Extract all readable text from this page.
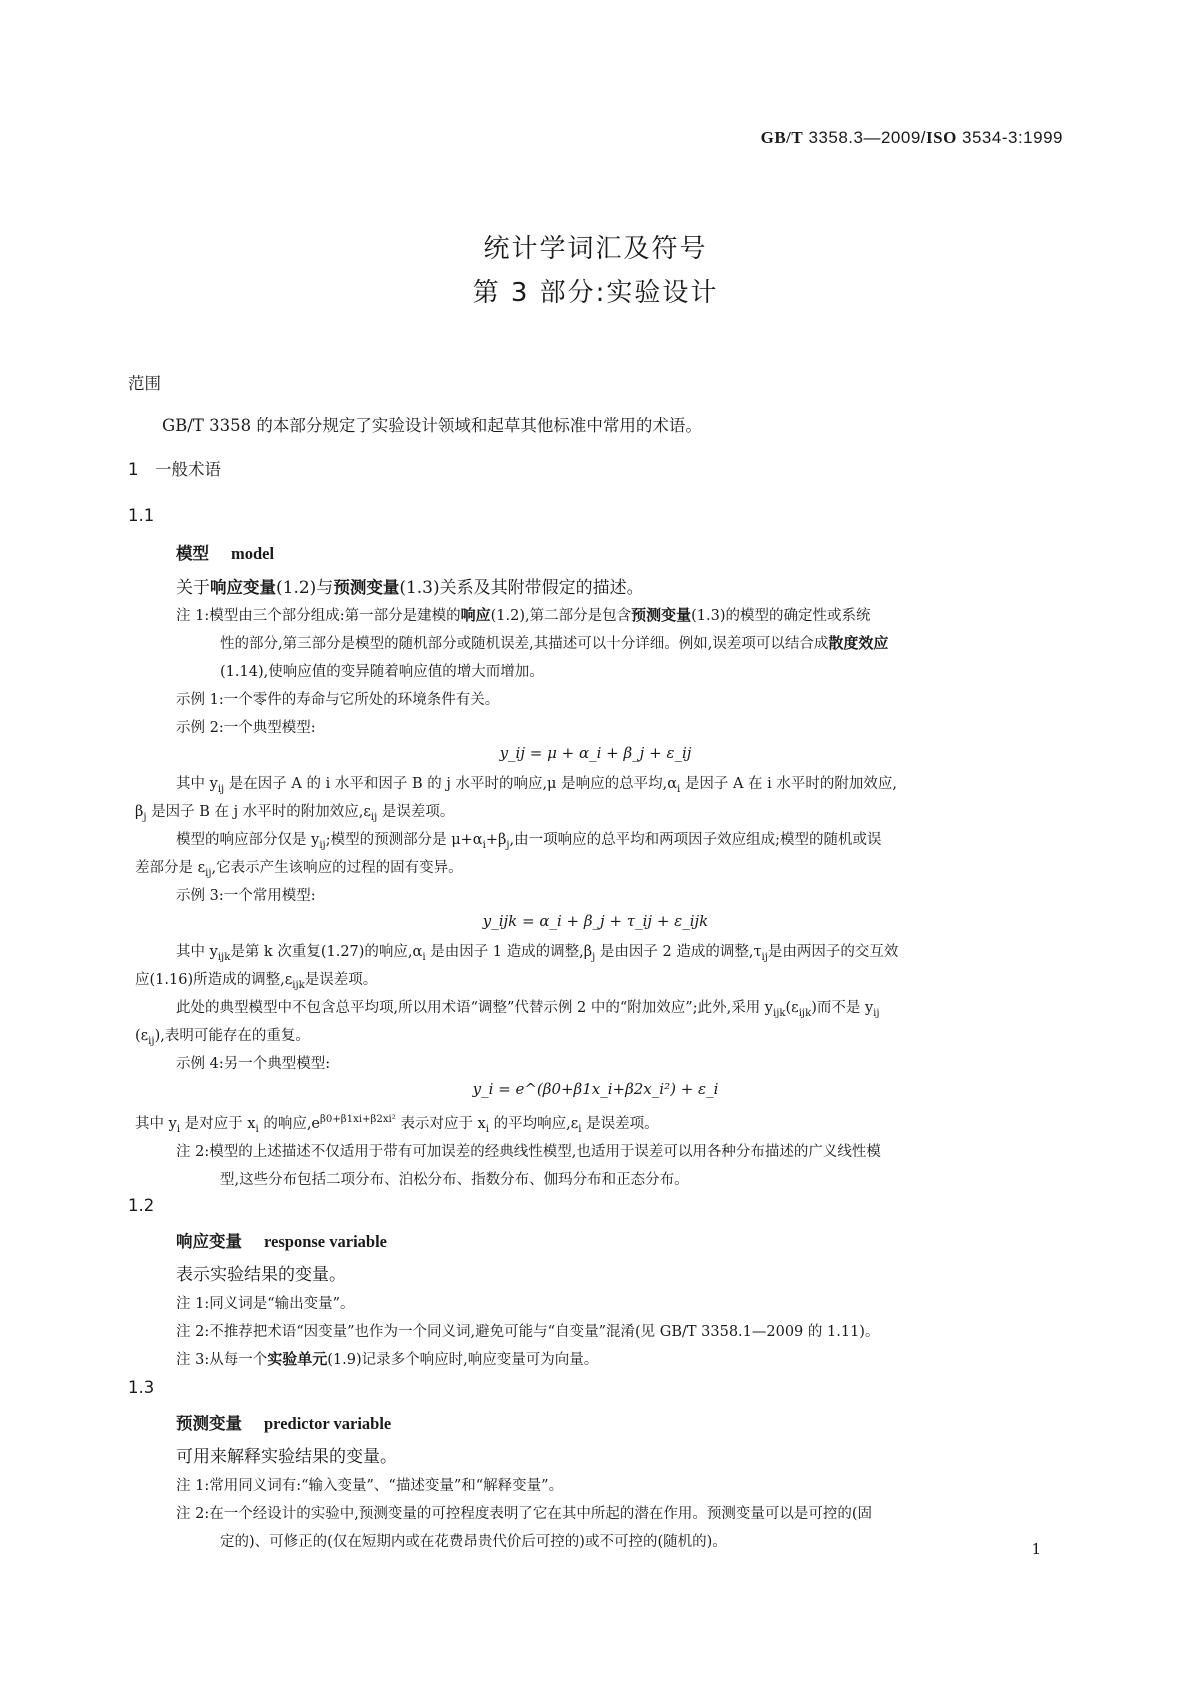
GB/T 3358.3—2009/ISO 3534-3:1999
统计学词汇及符号
第 3 部分:实验设计
范围
GB/T 3358 的本部分规定了实验设计领域和起草其他标准中常用的术语。
1　一般术语
1.1
模型 model
关于响应变量(1.2)与预测变量(1.3)关系及其附带假定的描述。
注 1:模型由三个部分组成:第一部分是建模的响应(1.2),第二部分是包含预测变量(1.3)的模型的确定性或系统
性的部分,第三部分是模型的随机部分或随机误差,其描述可以十分详细。例如,误差项可以结合成散度效应
(1.14),使响应值的变异随着响应值的增大而增加。
示例 1:一个零件的寿命与它所处的环境条件有关。
示例 2:一个典型模型:
y_ij = μ + α_i + β_j + ε_ij
其中 $y_{ij}$ 是在因子 A 的 i 水平和因子 B 的 j 水平时的响应,μ 是响应的总平均$,\alpha_i$ 是因子 A 在 i 水平时的附加效应,
$\beta_j$ 是因子 B 在 j 水平时的附加效应$,\varepsilon_{ij}$ 是误差项。
模型的响应部分仅是 $y_{ij}$;模型的预测部分是 $\mu+\alpha_i+\beta_j$,由一项响应的总平均和两项因子效应组成;模型的随机或误
差部分是 $\varepsilon_{ij}$,它表示产生该响应的过程的固有变异。
示例 3:一个常用模型:
y_ijk = α_i + β_j + τ_ij + ε_ijk
其中 $y_{ijk}$是第 k 次重复(1.27)的响应$,\alpha_i$ 是由因子 1 造成的调整$,\beta_j$ 是由因子 2 造成的调整$,\tau_{ij}$是由两因子的交互效
应(1.16)所造成的调整$,\varepsilon_{ijk}$是误差项。
此处的典型模型中不包含总平均项,所以用术语“调整”代替示例 2 中的“附加效应”;此外,采用 $y_{ijk}(\varepsilon_{ijk})$而不是 $y_{ij}$
$(\varepsilon_{ij})$,表明可能存在的重复。
示例 4:另一个典型模型:
y_i = e^(β0+β1x_i+β2x_i²) + ε_i
其中 $y_i$ 是对应于 $x_i$ 的响应$,e^{\beta 0+\beta 1xi+\beta 2xi^2}$ 表示对应于 $x_i$ 的平均响应$,\varepsilon_i$ 是误差项。
注 2:模型的上述描述不仅适用于带有可加误差的经典线性模型,也适用于误差可以用各种分布描述的广义线性模
型,这些分布包括二项分布、泊松分布、指数分布、伽玛分布和正态分布。
1.2
响应变量 response variable
表示实验结果的变量。
注 1:同义词是“输出变量”。
注 2:不推荐把术语“因变量”也作为一个同义词,避免可能与“自变量”混淆(见 GB/T 3358.1—2009 的 1.11)。
注 3:从每一个实验单元(1.9)记录多个响应时,响应变量可为向量。
1.3
预测变量 predictor variable
可用来解释实验结果的变量。
注 1:常用同义词有:“输入变量”、“描述变量”和“解释变量”。
注 2:在一个经设计的实验中,预测变量的可控程度表明了它在其中所起的潜在作用。预测变量可以是可控的(固
定的)、可修正的(仅在短期内或在花费昂贵代价后可控的)或不可控的(随机的)。	1
